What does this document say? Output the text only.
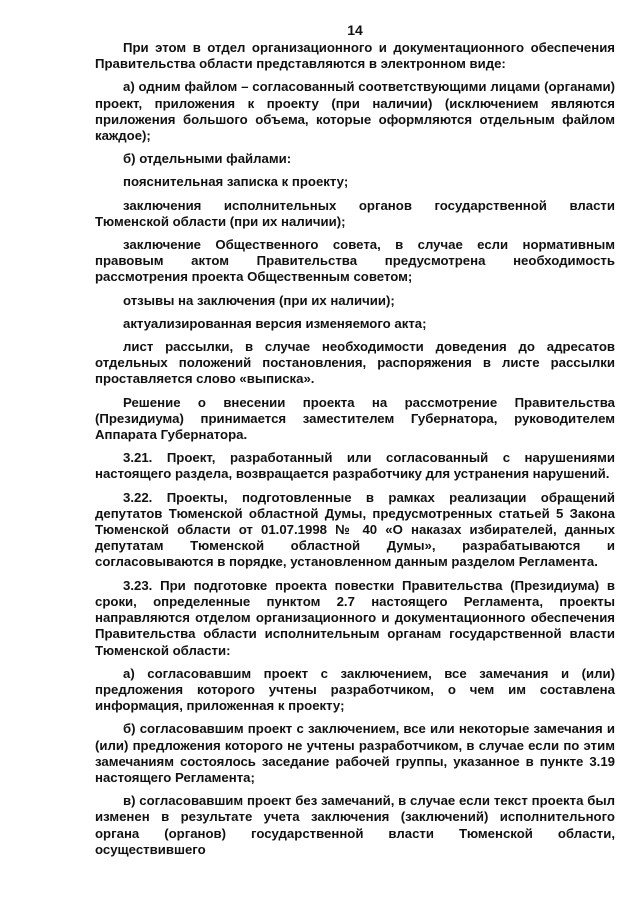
14

При этом в отдел организационного и документационного обеспечения Правительства области представляются в электронном виде:

а) одним файлом – согласованный соответствующими лицами (органами) проект, приложения к проекту (при наличии) (исключением являются приложения большого объема, которые оформляются отдельным файлом каждое);

б) отдельными файлами:

пояснительная записка к проекту;

заключения исполнительных органов государственной власти Тюменской области (при их наличии);

заключение Общественного совета, в случае если нормативным правовым актом Правительства предусмотрена необходимость рассмотрения проекта Общественным советом;

отзывы на заключения (при их наличии);

актуализированная версия изменяемого акта;

лист рассылки, в случае необходимости доведения до адресатов отдельных положений постановления, распоряжения в листе рассылки проставляется слово «выписка».

Решение о внесении проекта на рассмотрение Правительства (Президиума) принимается заместителем Губернатора, руководителем Аппарата Губернатора.

3.21. Проект, разработанный или согласованный с нарушениями настоящего раздела, возвращается разработчику для устранения нарушений.

3.22. Проекты, подготовленные в рамках реализации обращений депутатов Тюменской областной Думы, предусмотренных статьей 5 Закона Тюменской области от 01.07.1998 № 40 «О наказах избирателей, данных депутатам Тюменской областной Думы», разрабатываются и согласовываются в порядке, установленном данным разделом Регламента.

3.23. При подготовке проекта повестки Правительства (Президиума) в сроки, определенные пунктом 2.7 настоящего Регламента, проекты направляются отделом организационного и документационного обеспечения Правительства области исполнительным органам государственной власти Тюменской области:

а) согласовавшим проект с заключением, все замечания и (или) предложения которого учтены разработчиком, о чем им составлена информация, приложенная к проекту;

б) согласовавшим проект с заключением, все или некоторые замечания и (или) предложения которого не учтены разработчиком, в случае если по этим замечаниям состоялось заседание рабочей группы, указанное в пункте 3.19 настоящего Регламента;

в) согласовавшим проект без замечаний, в случае если текст проекта был изменен в результате учета заключения (заключений) исполнительного органа (органов) государственной власти Тюменской области, осуществившего
